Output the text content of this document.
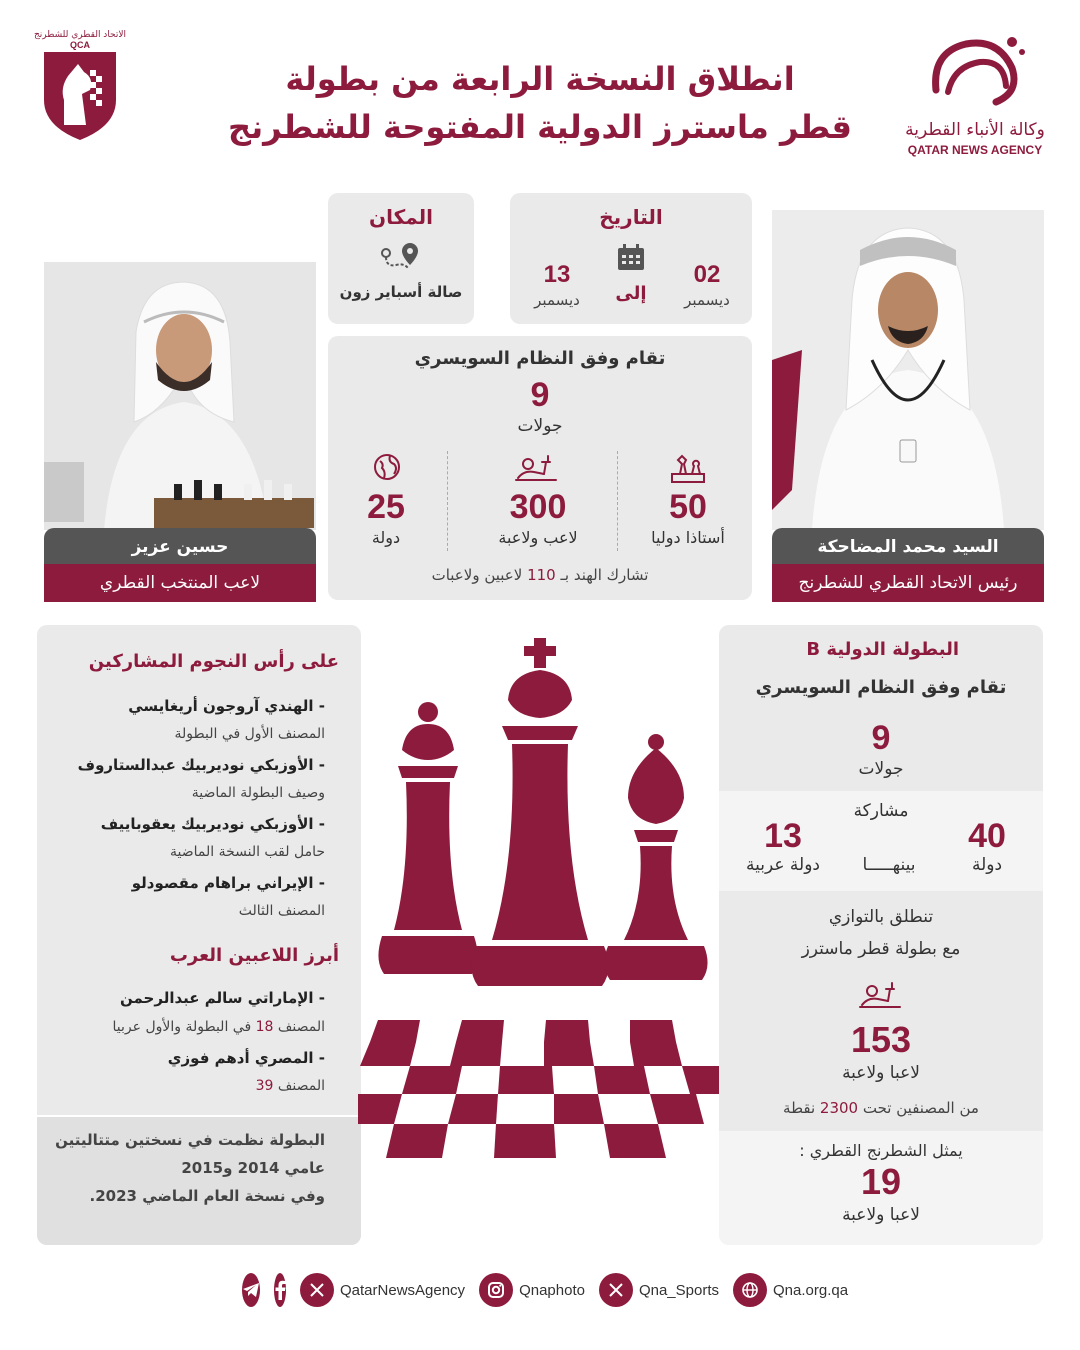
الاتحاد القطري للشطرنج
QCA
انطلاق النسخة الرابعة من بطولة
قطر ماسترز الدولية المفتوحة للشطرنج	وكالة الأنباء القطرية
QATAR NEWS AGENCY
التاريخ
02
ديسمبر
إلى
13
ديسمبر
المكان
صالة أسباير زون
تقام وفق النظام السويسري
9
جولات
50
أستاذا دوليا
300
لاعب ولاعبة
25
دولة
تشارك الهند بـ 110 لاعبين ولاعبات
حسين عزيز
لاعب المنتخب القطري
السيد محمد المضاحكة
رئيس الاتحاد القطري للشطرنج
على رأس النجوم المشاركين
- الهندي آروجون أريغايسي
المصنف الأول في البطولة
- الأوزبكي نوديربيك عبدالستاروف
وصيف البطولة الماضية
- الأوزبكي نوديربيك يعقوباييف
حامل لقب النسخة الماضية
- الإيراني براهام مقصودلو
المصنف الثالث
أبرز اللاعبين العرب
- الإماراتي سالم عبدالرحمن
المصنف 18 في البطولة والأول عربيا
- المصري أدهم فوزي
المصنف 39
البطولة نظمت في نسختين متتاليتين
عامي 2014 و2015
وفي نسخة العام الماضي 2023.
البطولة الدولية B
تقام وفق النظام السويسري
9
جولات
مشاركة
40
دولة
بينهـــــا
13
دولة عربية
تنطلق بالتوازي
مع بطولة قطر ماسترز
153
لاعبا ولاعبة
من المصنفين تحت 2300 نقطة
يمثل الشطرنج القطري :
19
لاعبا ولاعبة
QatarNewsAgency	Qnaphoto	Qna_Sports	Qna.org.qa
